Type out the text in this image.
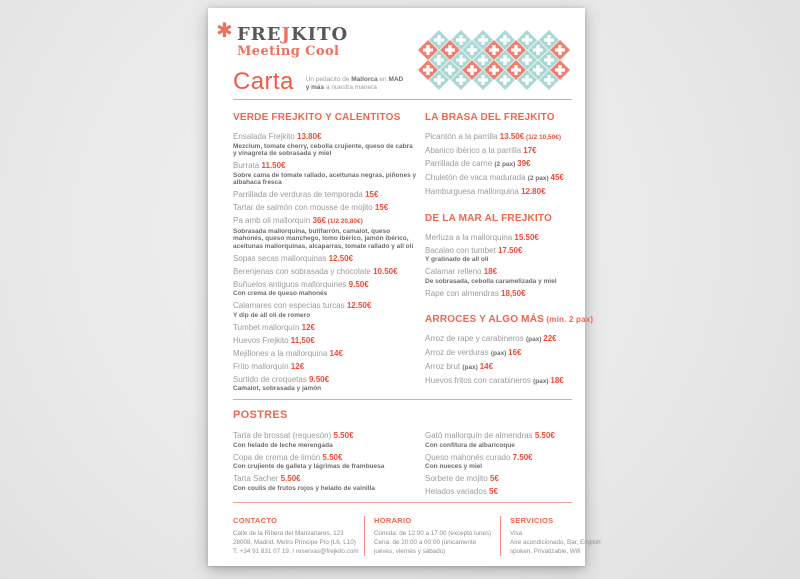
✱ FREJKITO
Meeting Cool
Carta Un pedacito de Mallorca en MAD
y más a nuestra manera
VERDE FREJKITO Y CALENTITOS
Ensalada Frejkito 13.80€
Mezclum, tomate cherry, cebolla crujiente, queso de cabra y vinagreta de sobrasada y miel
Burrata 11.50€
Sobre cama de tomate rallado, aceitunas negras, piñones y albahaca fresca
Parrillada de verduras de temporada 15€
Tartar de salmón con mousse de mojito 15€
Pa amb oli mallorquín 36€ (1/2 20,80€)
Sobrasada mallorquina, butifarrón, camalot, queso mahonés, queso manchego, lomo ibérico, jamón ibérico, aceitunas mallorquinas, alcaparras, tomate rallado y all oli
Sopas secas mallorquinas 12.50€
Berenjenas con sobrasada y chocolate 10.50€
Buñuelos antiguos mallorquines 9.50€
Con crema de queso mahonés
Calamares con especias turcas 12.50€
Y dip de all oli de romero
Tumbet mallorquín 12€
Huevos Frejkito 11,50€
Mejillones a la mallorquina 14€
Frito mallorquín 12€
Surtido de croquetas 9.50€
Camalot, sobrasada y jamón
LA BRASA DEL FREJKITO
Picantón a la parrilla 13.50€ (1/2 10,50€)
Abanico ibérico a la parrilla 17€
Parrillada de carne (2 pax) 39€
Chuletón de vaca madurada (2 pax) 45€
Hamburguesa mallorquina 12.80€
DE LA MAR AL FREJKITO
Merluza a la mallorquina 15.50€
Bacalao con tumbet 17.50€
Y gratinado de all oli
Calamar relleno 18€
De sobrasada, cebolla caramelizada y miel
Rape con almendras 18,50€
ARROCES Y ALGO MÁS (min. 2 pax)
Arroz de rape y carabineros (pax) 22€
Arroz de verduras (pax) 16€
Arroz brut (pax) 14€
Huevos fritos con carabineros (pax) 18€
POSTRES
Tarta de brossat (requesón) 5.50€
Con helado de leche merengada
Copa de crema de limón 5.50€
Con crujiente de galleta y lágrimas de frambuesa
Tarta Sacher 5.50€
Con coulis de frutos rojos y helado de vainilla
Gató mallorquín de almendras 5.50€
Con confitura de albaricoque
Queso mahonés curado 7.50€
Con nueces y miel
Sorbete de mojito 5€
Helados variados 5€
CONTACTO
Calle de la Ribera del Manzanares, 123
28008, Madrid. Metro Príncipe Pío (L6, L10)
T. +34 91 831 07 19. / reservas@frejkito.com
HORARIO
Comida: de 12:00 a 17:00 (excepto lunes)
Cena: de 20:00 a 00:00 (únicamente
jueves, viernes y sábado)
SERVICIOS
Visa
Aire acondicionado, Bar, English
spoken, Privatizable, Wifi
